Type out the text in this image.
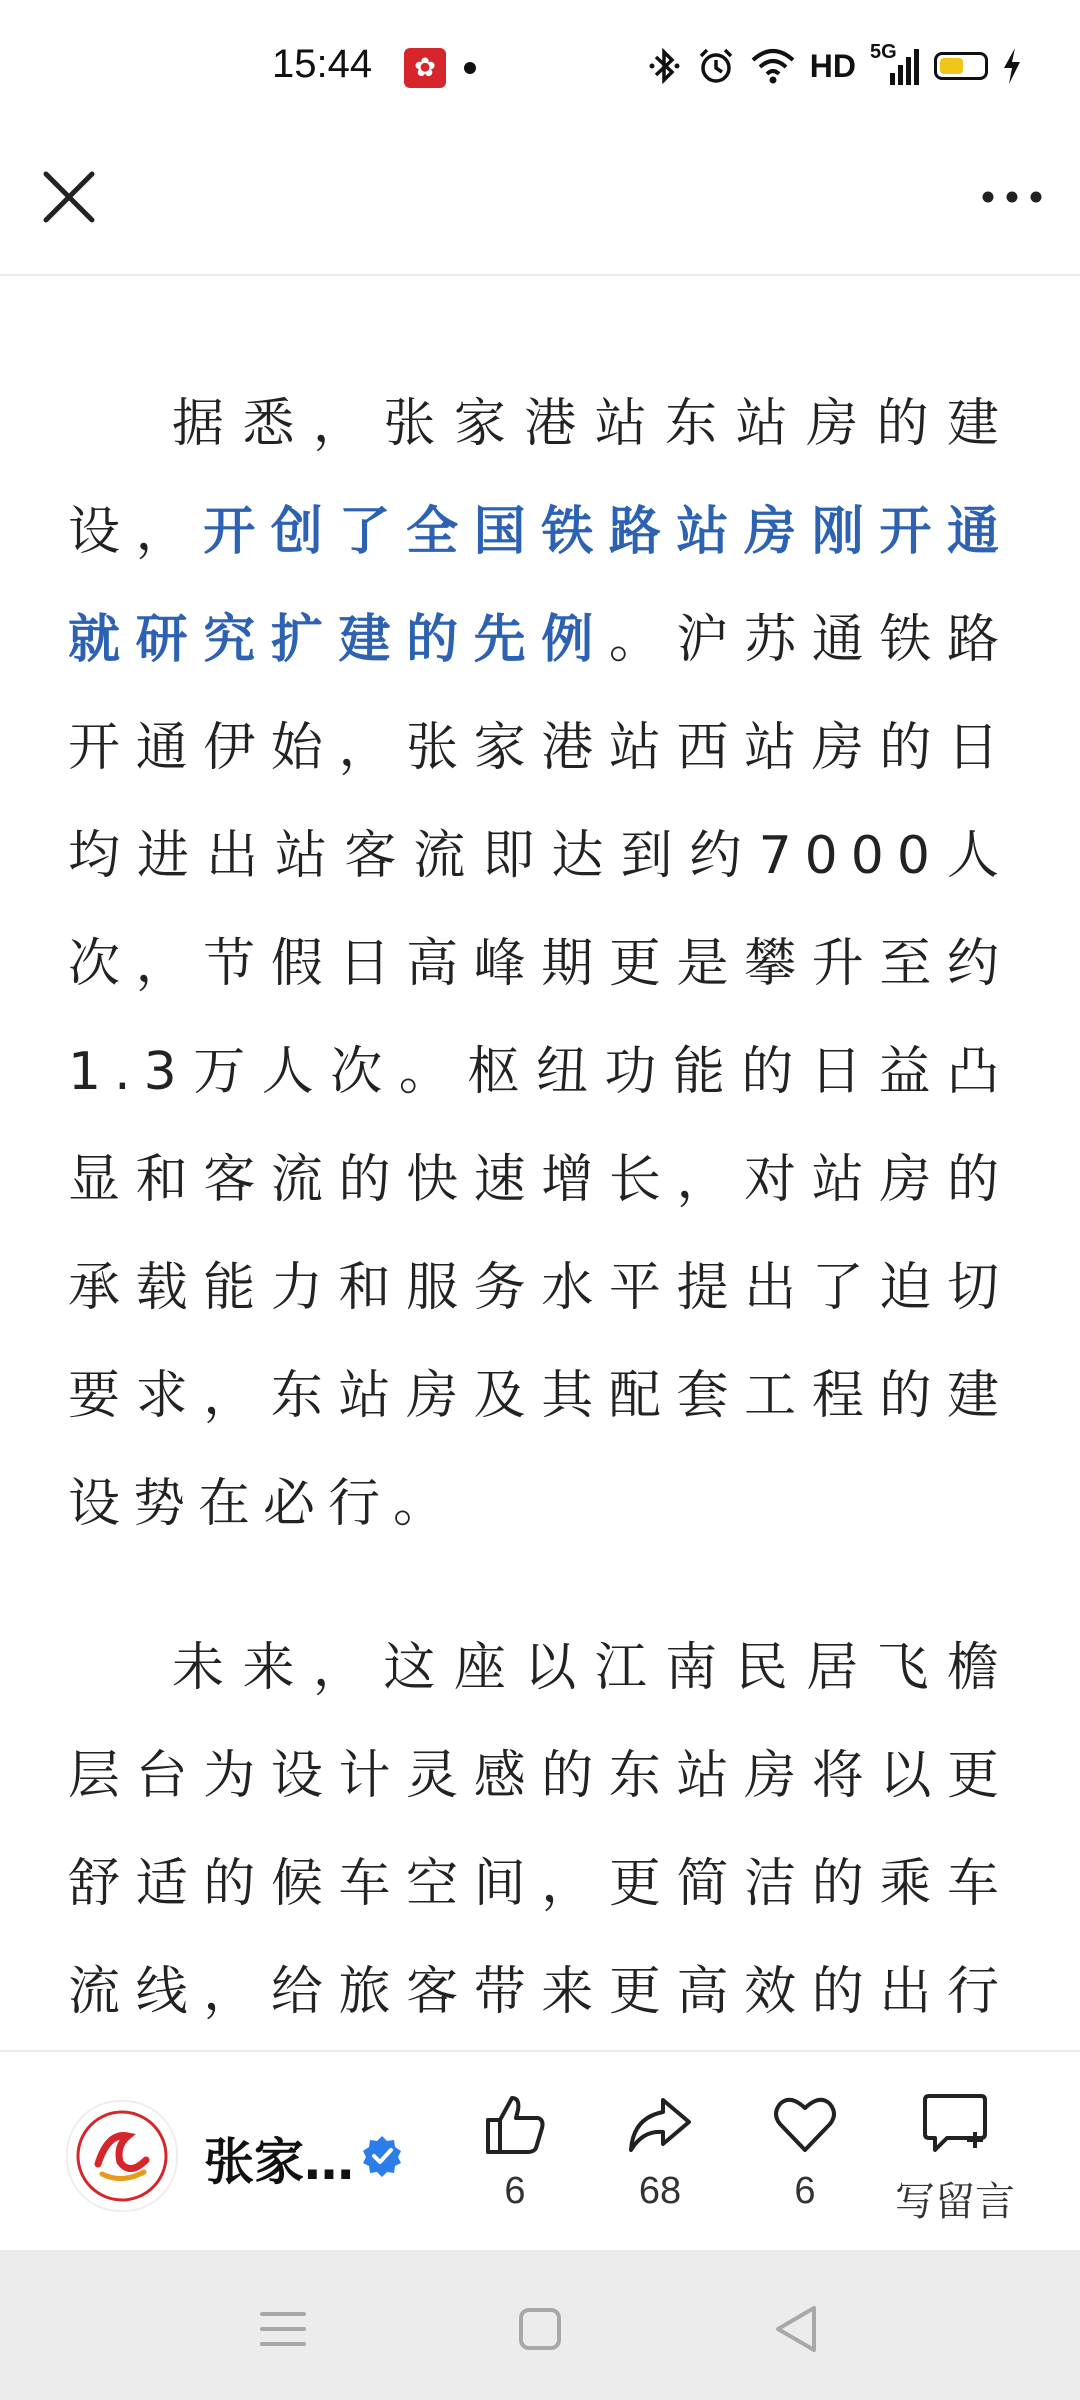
15:44	✿	HD 5G

据悉，张家港站东站房的建设，开创了全国铁路站房刚开通就研究扩建的先例。沪苏通铁路开通伊始，张家港站西站房的日均进出站客流即达到约7000人次，节假日高峰期更是攀升至约1.3万人次。枢纽功能的日益凸显和客流的快速增长，对站房的承载能力和服务水平提出了迫切要求，东站房及其配套工程的建设势在必行。

未来，这座以江南民居飞檐层台为设计灵感的东站房将以更舒适的候车空间，更简洁的乘车流线，给旅客带来更高效的出行

张家…	6	68	6	写留言
